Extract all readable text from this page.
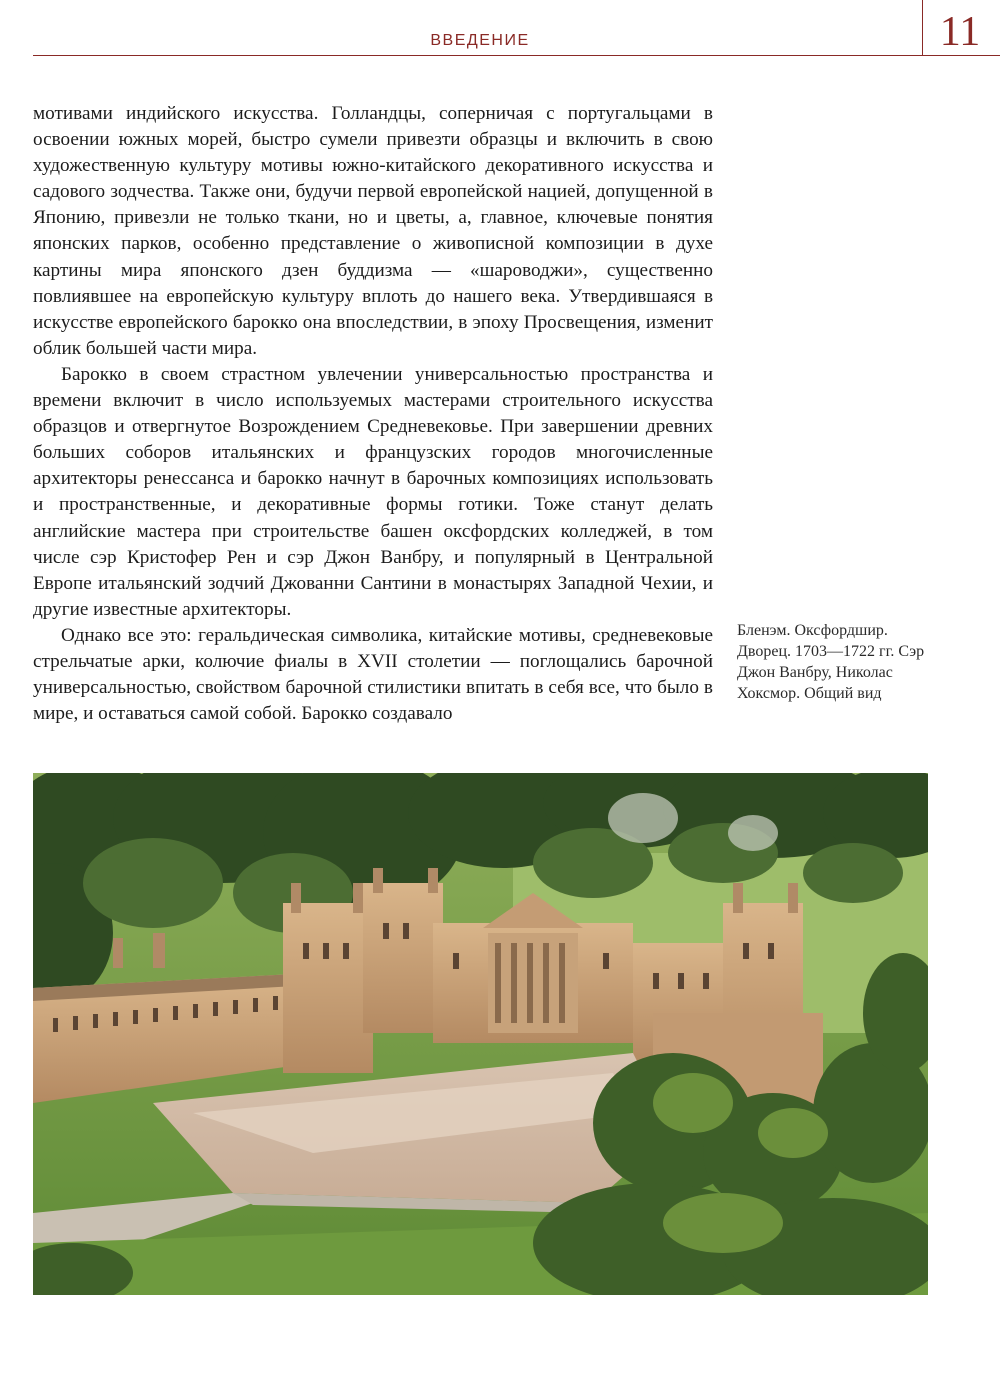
ВВЕДЕНИЕ	11

мотивами индийского искусства. Голландцы, соперничая с португальцами в освоении южных морей, быстро сумели привезти образцы и включить в свою художественную культуру мотивы южно-китайского декоративного искусства и садового зодчества. Также они, будучи первой европейской нацией, допущенной в Японию, привезли не только ткани, но и цветы, а, главное, ключевые понятия японских парков, особенно представление о живописной композиции в духе картины мира японского дзен буддизма — «шароводжи», существенно повлиявшее на европейскую культуру вплоть до нашего века. Утвердившаяся в искусстве европейского барокко она впоследствии, в эпоху Просвещения, изменит облик большей части мира.

Барокко в своем страстном увлечении универсальностью пространства и времени включит в число используемых мастерами строительного искусства образцов и отвергнутое Возрождением Средневековье. При завершении древних больших соборов итальянских и французских городов многочисленные архитекторы ренессанса и барокко начнут в барочных композициях использовать и пространственные, и декоративные формы готики. Тоже станут делать английские мастера при строительстве башен оксфордских колледжей, в том числе сэр Кристофер Рен и сэр Джон Ванбру, и популярный в Центральной Европе итальянский зодчий Джованни Сантини в монастырях Западной Чехии, и другие известные архитекторы.

Однако все это: геральдическая символика, китайские мотивы, средневековые стрельчатые арки, колючие фиалы в XVII столетии — поглощались барочной универсальностью, свойством барочной стилистики впитать в себя все, что было в мире, и оставаться самой собой. Барокко создавало

Бленэм. Оксфордшир. Дворец. 1703—1722 гг. Сэр Джон Ванбру, Николас Хоксмор. Общий вид
